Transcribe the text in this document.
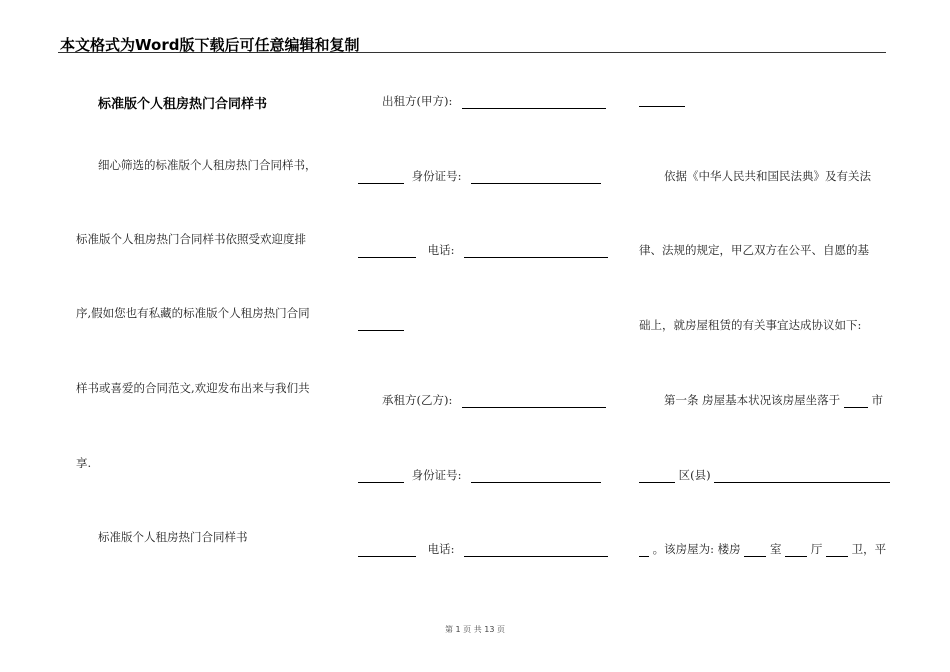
本文格式为Word版下载后可任意编辑和复制
标准版个人租房热门合同样书
细心筛选的标准版个人租房热门合同样书，
标准版个人租房热门合同样书依照受欢迎度排
序,假如您也有私藏的标准版个人租房热门合同
样书或喜爱的合同范文,欢迎发布出来与我们共
享.
标准版个人租房热门合同样书
出租方(甲方):
身份证号:
电话:
承租方(乙方):
身份证号:
电话:
依据《中华人民共和国民法典》及有关法
律、法规的规定，甲乙双方在公平、自愿的基
础上，就房屋租赁的有关事宜达成协议如下:
第一条 房屋基本状况该房屋坐落于	市
区(县)
。该房屋为: 楼房	室	厅	卫，平
第 1 页 共 13 页
